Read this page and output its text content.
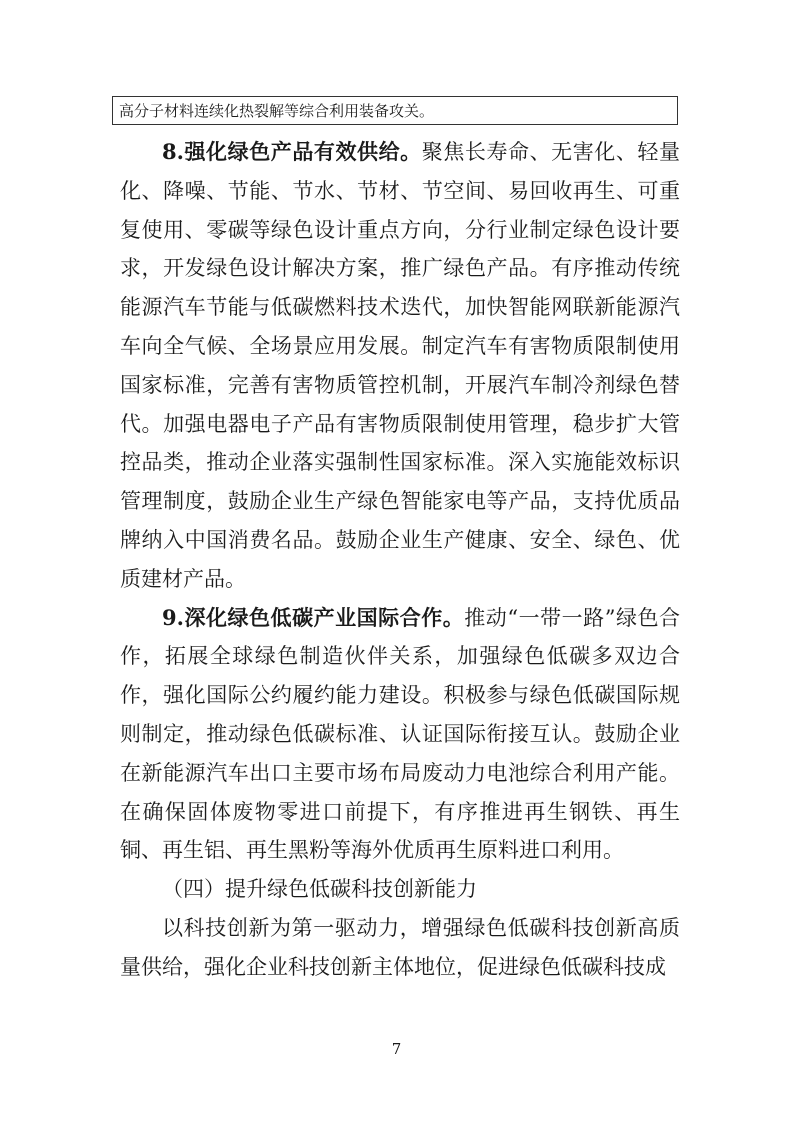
高分子材料连续化热裂解等综合利用装备攻关。

8.强化绿色产品有效供给。聚焦长寿命、无害化、轻量化、降噪、节能、节水、节材、节空间、易回收再生、可重复使用、零碳等绿色设计重点方向，分行业制定绿色设计要求，开发绿色设计解决方案，推广绿色产品。有序推动传统能源汽车节能与低碳燃料技术迭代，加快智能网联新能源汽车向全气候、全场景应用发展。制定汽车有害物质限制使用国家标准，完善有害物质管控机制，开展汽车制冷剂绿色替代。加强电器电子产品有害物质限制使用管理，稳步扩大管控品类，推动企业落实强制性国家标准。深入实施能效标识管理制度，鼓励企业生产绿色智能家电等产品，支持优质品牌纳入中国消费名品。鼓励企业生产健康、安全、绿色、优质建材产品。

9.深化绿色低碳产业国际合作。推动“一带一路”绿色合作，拓展全球绿色制造伙伴关系，加强绿色低碳多双边合作，强化国际公约履约能力建设。积极参与绿色低碳国际规则制定，推动绿色低碳标准、认证国际衔接互认。鼓励企业在新能源汽车出口主要市场布局废动力电池综合利用产能。在确保固体废物零进口前提下，有序推进再生钢铁、再生铜、再生铝、再生黑粉等海外优质再生原料进口利用。

（四）提升绿色低碳科技创新能力

以科技创新为第一驱动力，增强绿色低碳科技创新高质量供给，强化企业科技创新主体地位，促进绿色低碳科技成

7
